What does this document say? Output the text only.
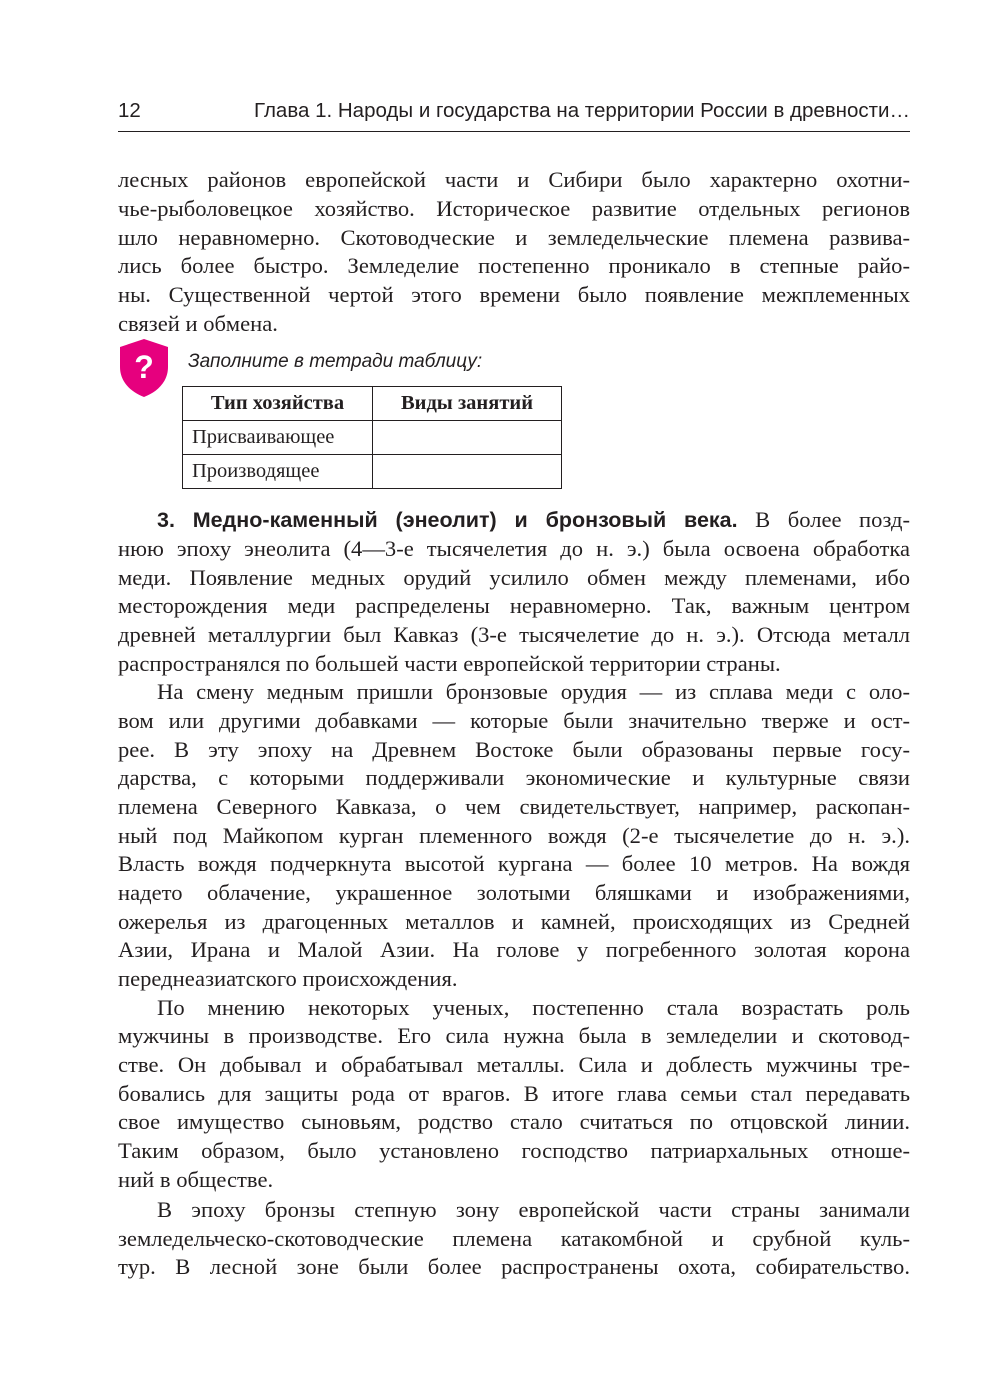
12	Глава 1. Народы и государства на территории России в древности…
лесных районов европейской части и Сибири было характерно охотни-
чье-рыболовецкое хозяйство. Историческое развитие отдельных регионов
шло неравномерно. Скотоводческие и земледельческие племена развива-
лись более быстро. Земледелие постепенно проникало в степные райо-
ны. Существенной чертой этого времени было появление межплеменных
связей и обмена.
? Заполните в тетради таблицу:
Тип хозяйства	Виды занятий
Присваивающее	
Производящее	
3. Медно-каменный (энеолит) и бронзовый века. В более позд-
нюю эпоху энеолита (4—3-е тысячелетия до н. э.) была освоена обработка
меди. Появление медных орудий усилило обмен между племенами, ибо
месторождения меди распределены неравномерно. Так, важным центром
древней металлургии был Кавказ (3-е тысячелетие до н. э.). Отсюда металл
распространялся по большей части европейской территории страны.
На смену медным пришли бронзовые орудия — из сплава меди с оло-
вом или другими добавками — которые были значительно тверже и ост-
рее. В эту эпоху на Древнем Востоке были образованы первые госу-
дарства, с которыми поддерживали экономические и культурные связи
племена Северного Кавказа, о чем свидетельствует, например, раскопан-
ный под Майкопом курган племенного вождя (2-е тысячелетие до н. э.).
Власть вождя подчеркнута высотой кургана — более 10 метров. На вождя
надето облачение, украшенное золотыми бляшками и изображениями,
ожерелья из драгоценных металлов и камней, происходящих из Средней
Азии, Ирана и Малой Азии. На голове у погребенного золотая корона
переднеазиатского происхождения.
По мнению некоторых ученых, постепенно стала возрастать роль
мужчины в производстве. Его сила нужна была в земледелии и скотовод-
стве. Он добывал и обрабатывал металлы. Сила и доблесть мужчины тре-
бовались для защиты рода от врагов. В итоге глава семьи стал передавать
свое имущество сыновьям, родство стало считаться по отцовской линии.
Таким образом, было установлено господство патриархальных отноше-
ний в обществе.
В эпоху бронзы степную зону европейской части страны занимали
земледельческо-скотоводческие племена катакомбной и срубной куль-
тур. В лесной зоне были более распространены охота, собирательство.
